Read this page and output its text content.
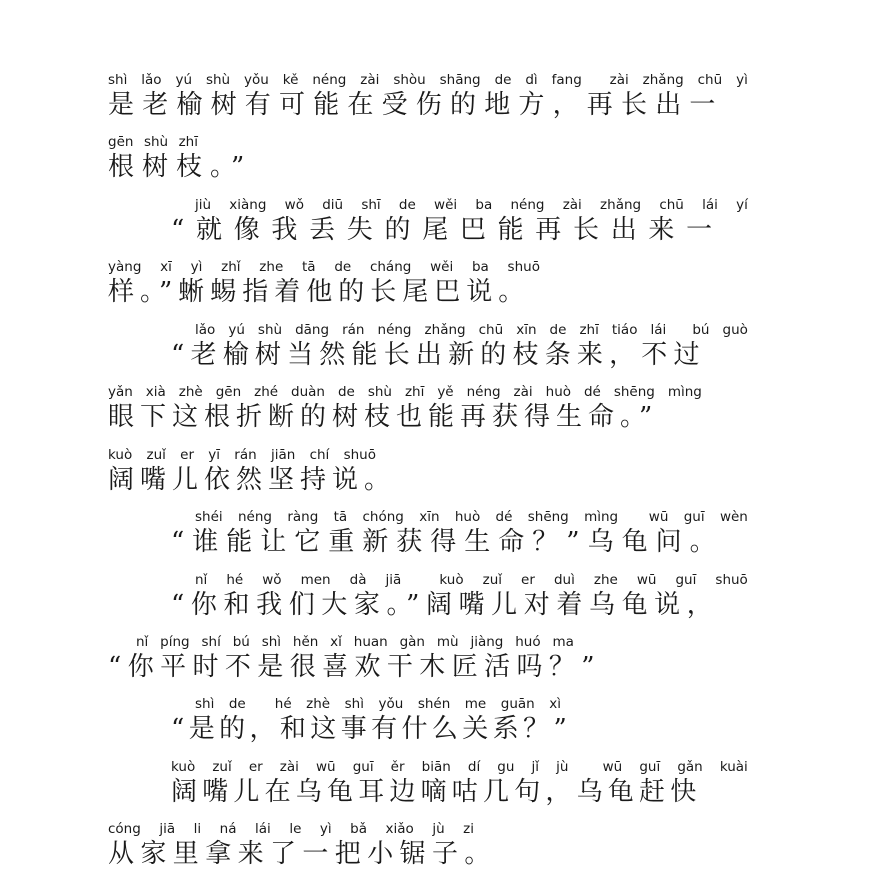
shì lǎo yú shù yǒu kě néng zài shòu shāng de dì fang zài zhǎng chū yì
是老榆树有可能在受伤的地方，再长出一
gēn shù zhī
根树枝。”
jiù xiàng wǒ diū shī de wěi ba néng zài zhǎng chū lái yí
“就像我丢失的尾巴能再长出来一
yàng xī yì zhǐ zhe tā de cháng wěi ba shuō
样。”蜥蜴指着他的长尾巴说。
lǎo yú shù dāng rán néng zhǎng chū xīn de zhī tiáo lái bú guò
“老榆树当然能长出新的枝条来，不过
yǎn xià zhè gēn zhé duàn de shù zhī yě néng zài huò dé shēng mìng
眼下这根折断的树枝也能再获得生命。”
kuò zuǐ er yī rán jiān chí shuō
阔嘴儿依然坚持说。
shéi néng ràng tā chóng xīn huò dé shēng mìng wū guī wèn
“谁能让它重新获得生命？”乌龟问。
nǐ hé wǒ men dà jiā	kuò zuǐ er duì zhe wū guī shuō
“你和我们大家。”阔嘴儿对着乌龟说，
nǐ píng shí bú shì hěn xǐ huan gàn mù jiàng huó ma
“你平时不是很喜欢干木匠活吗？”
shì de hé zhè shì yǒu shén me guān xì
“是的，和这事有什么关系？”
kuò zuǐ er zài wū guī ěr biān dí gu jǐ jù	wū guī gǎn kuài
阔嘴儿在乌龟耳边嘀咕几句，乌龟赶快
cóng jiā li ná lái le yì bǎ xiǎo jù zi
从家里拿来了一把小锯子。
